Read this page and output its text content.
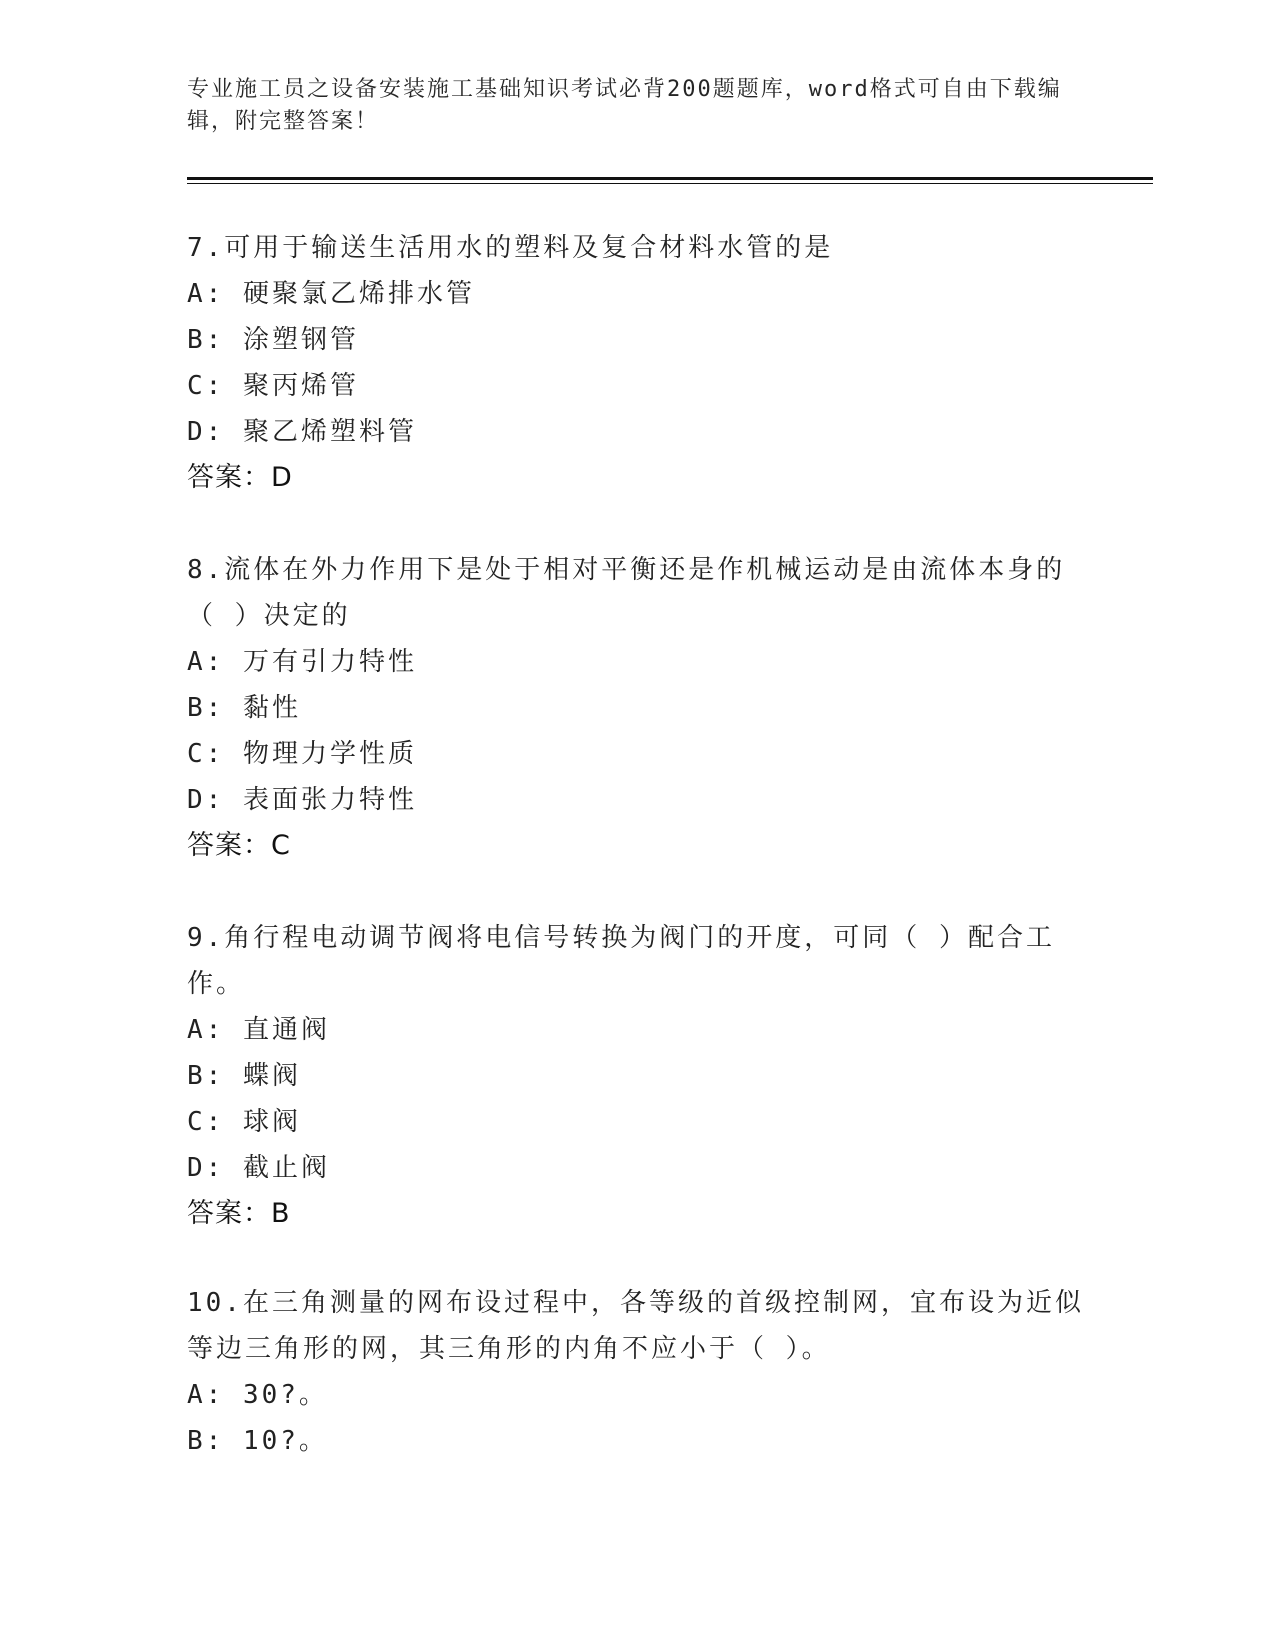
专业施工员之设备安装施工基础知识考试必背200题题库，word格式可自由下载编辑，附完整答案！

7.可用于输送生活用水的塑料及复合材料水管的是

A: 硬聚氯乙烯排水管

B: 涂塑钢管

C: 聚丙烯管

D: 聚乙烯塑料管

答案：D

8.流体在外力作用下是处于相对平衡还是作机械运动是由流体本身的（ ）决定的

A: 万有引力特性

B: 黏性

C: 物理力学性质

D: 表面张力特性

答案：C

9.角行程电动调节阀将电信号转换为阀门的开度，可同（ ）配合工作。

A: 直通阀

B: 蝶阀

C: 球阀

D: 截止阀

答案：B

10.在三角测量的网布设过程中，各等级的首级控制网，宜布设为近似等边三角形的网，其三角形的内角不应小于（ ）。

A: 30?。

B: 10?。
